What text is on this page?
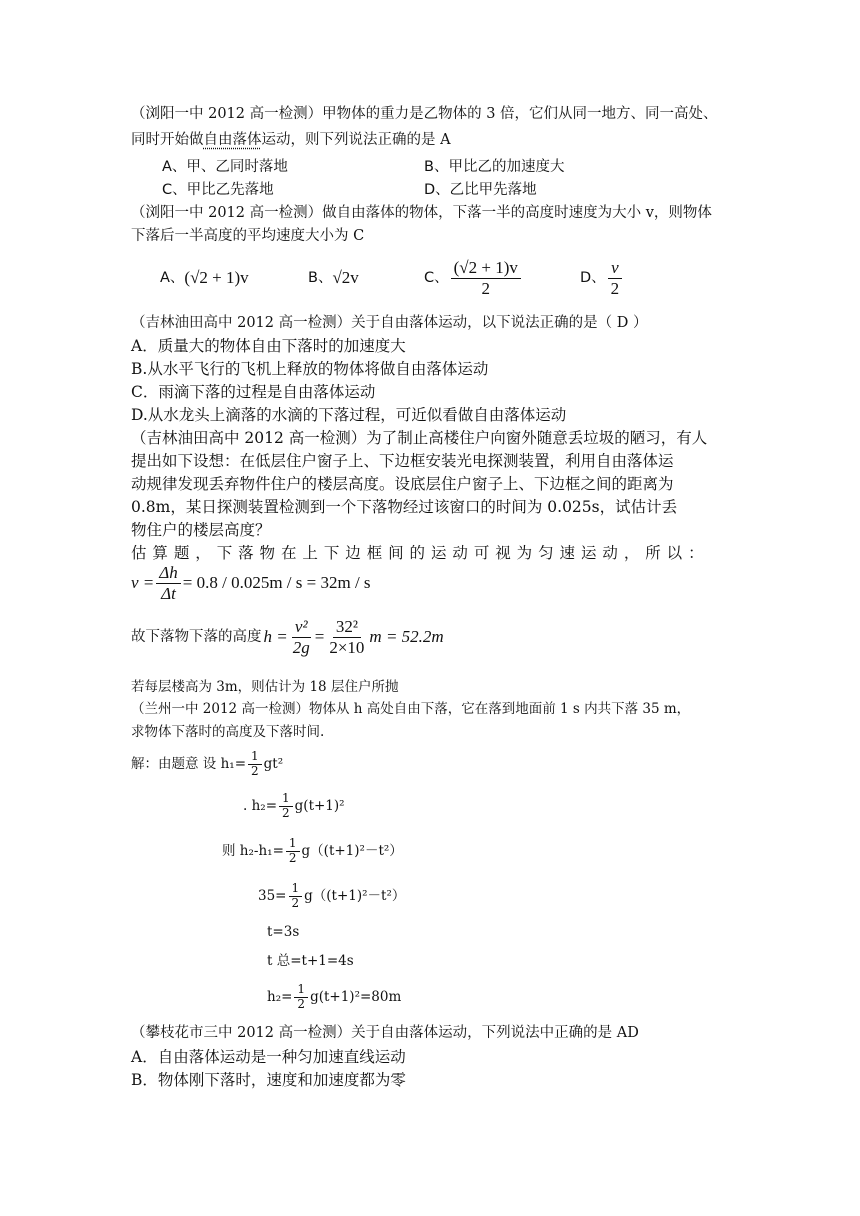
（浏阳一中 2012 高一检测）甲物体的重力是乙物体的 3 倍，它们从同一地方、同一高处、
同时开始做自由落体运动，则下列说法正确的是 A
A、甲、乙同时落地	B、甲比乙的加速度大
C、甲比乙先落地	D、乙比甲先落地
（浏阳一中 2012 高一检测）做自由落体的物体，下落一半的高度时速度为大小 v，则物体
下落后一半高度的平均速度大小为 C
A、 (√2 + 1)v	B、 √2v	C、 $\frac{(√2 + 1)v}{2}$	D、 $\frac{v}{2}$
（吉林油田高中 2012 高一检测）关于自由落体运动，以下说法正确的是（ D ）
A．质量大的物体自由下落时的加速度大
B.从水平飞行的飞机上释放的物体将做自由落体运动
C．雨滴下落的过程是自由落体运动
D.从水龙头上滴落的水滴的下落过程，可近似看做自由落体运动
（吉林油田高中 2012 高一检测）为了制止高楼住户向窗外随意丢垃圾的陋习，有人
提出如下设想：在低层住户窗子上、下边框安装光电探测装置，利用自由落体运
动规律发现丢弃物件住户的楼层高度。设底层住户窗子上、下边框之间的距离为
0.8m，某日探测装置检测到一个下落物经过该窗口的时间为 0.025s，试估计丢
物住户的楼层高度？
估 算 题 ， 下 落 物 在 上 下 边 框 间 的 运 动 可 视 为 匀 速 运 动 ， 所 以 ：
$v = \frac{\Delta h}{\Delta t} = 0.8 / 0.025m / s = 32m / s$
故下落物下落的高度 $h = \frac{\text{v²}}{2g} = \frac{\text{32²}}{2\times 10}$ m = 52.2m
若每层楼高为 3m，则估计为 18 层住户所抛
（兰州一中 2012 高一检测）物体从 h 高处自由下落，它在落到地面前 1 s 内共下落 35 m，
求物体下落时的高度及下落时间.
解：由题意 设 $h_1= \frac{1}{2} gt^2$
. $h_2= \frac{1}{2} g(t+1)^2$
则 $h_2-h_1= \frac{1}{2} g((t+1)^2-t^2)$
$35= \frac{1}{2} g((t+1)^2-t^2)$
t=3s
t 总=t+1=4s
$h_2= \frac{1}{2} g(t+1)^2=80m$
（攀枝花市三中 2012 高一检测）关于自由落体运动，下列说法中正确的是 AD
A．自由落体运动是一种匀加速直线运动
B．物体刚下落时，速度和加速度都为零
